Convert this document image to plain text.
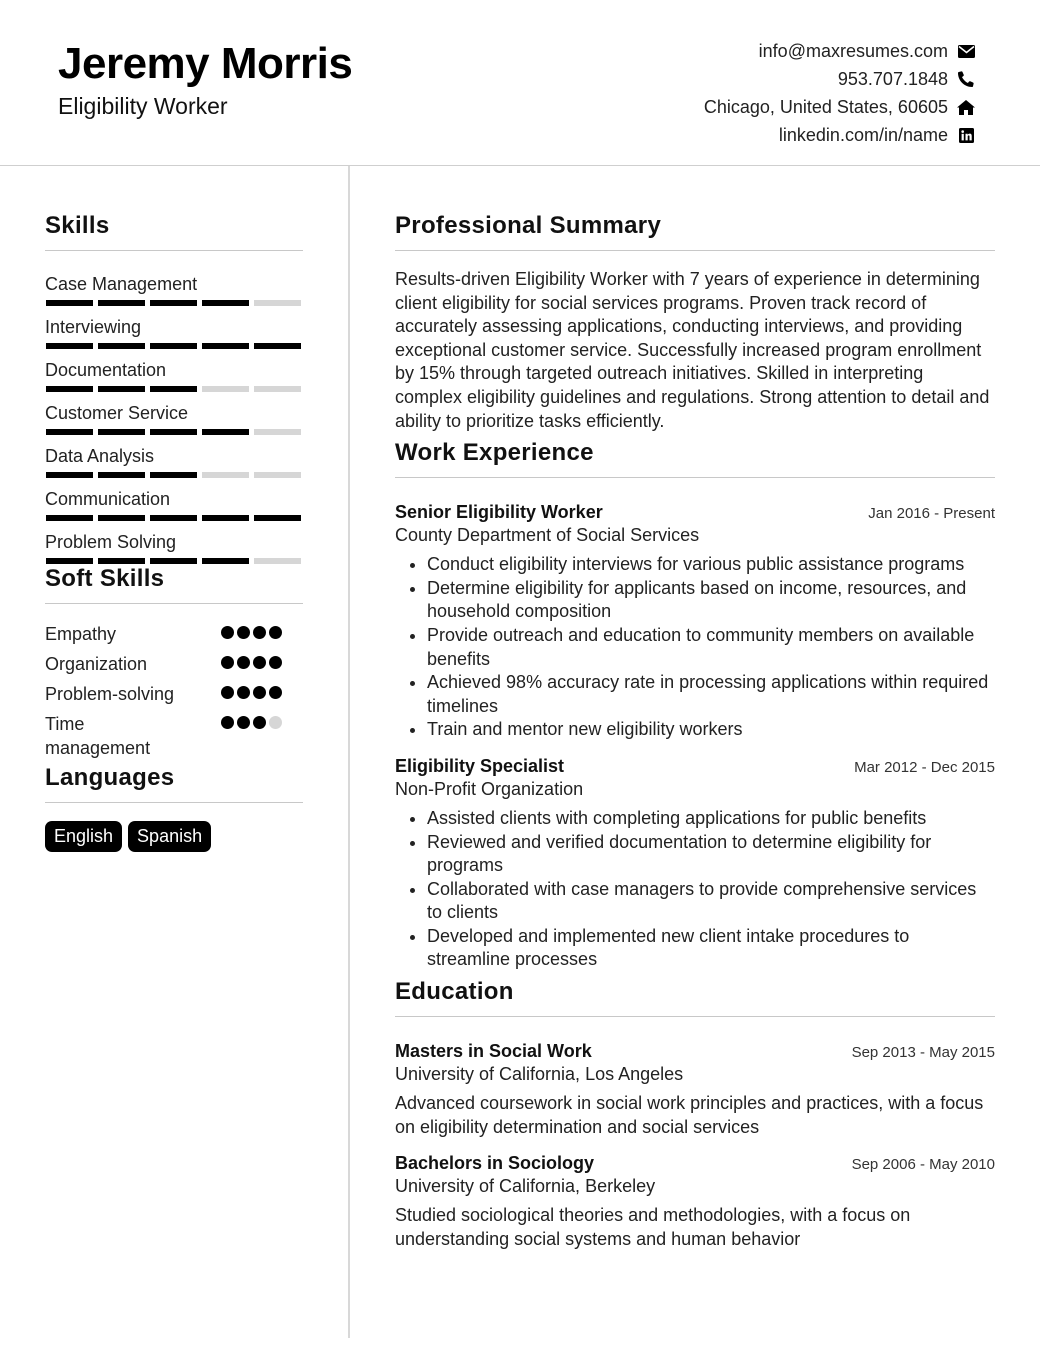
Jeremy Morris
Eligibility Worker
info@maxresumes.com
953.707.1848
Chicago, United States, 60605
linkedin.com/in/name
Skills
Case Management
Interviewing
Documentation
Customer Service
Data Analysis
Communication
Problem Solving
Soft Skills
Empathy
Organization
Problem-solving
Time management
Languages
English	Spanish
Professional Summary
Results-driven Eligibility Worker with 7 years of experience in determining client eligibility for social services programs. Proven track record of accurately assessing applications, conducting interviews, and providing exceptional customer service. Successfully increased program enrollment by 15% through targeted outreach initiatives. Skilled in interpreting complex eligibility guidelines and regulations. Strong attention to detail and ability to prioritize tasks efficiently.
Work Experience
Senior Eligibility Worker	Jan 2016 - Present
County Department of Social Services
• Conduct eligibility interviews for various public assistance programs
• Determine eligibility for applicants based on income, resources, and household composition
• Provide outreach and education to community members on available benefits
• Achieved 98% accuracy rate in processing applications within required timelines
• Train and mentor new eligibility workers
Eligibility Specialist	Mar 2012 - Dec 2015
Non-Profit Organization
• Assisted clients with completing applications for public benefits
• Reviewed and verified documentation to determine eligibility for programs
• Collaborated with case managers to provide comprehensive services to clients
• Developed and implemented new client intake procedures to streamline processes
Education
Masters in Social Work	Sep 2013 - May 2015
University of California, Los Angeles
Advanced coursework in social work principles and practices, with a focus on eligibility determination and social services
Bachelors in Sociology	Sep 2006 - May 2010
University of California, Berkeley
Studied sociological theories and methodologies, with a focus on understanding social systems and human behavior
